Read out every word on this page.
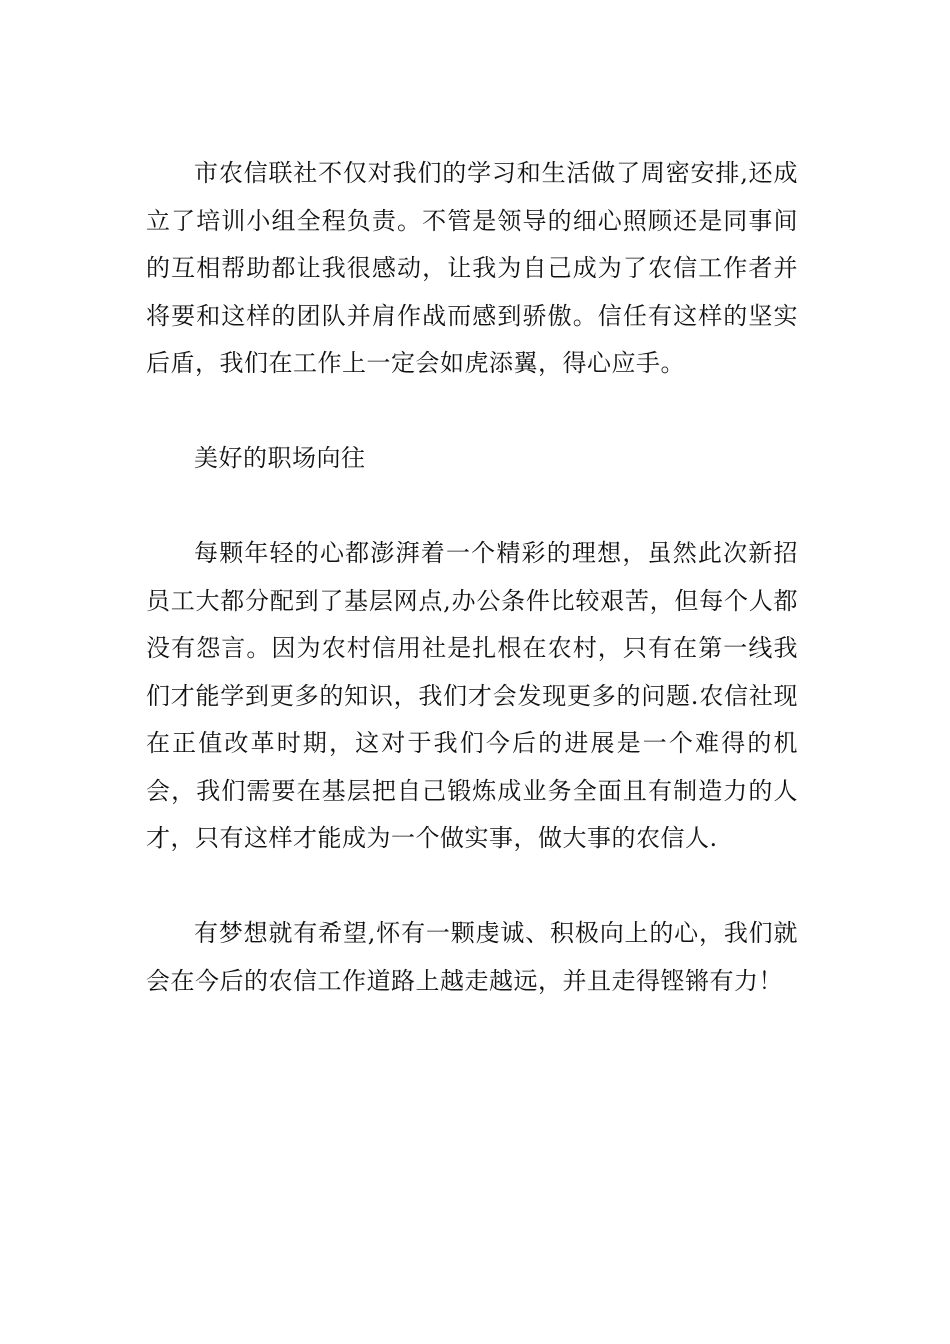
市农信联社不仅对我们的学习和生活做了周密安排,还成立了培训小组全程负责。不管是领导的细心照顾还是同事间的互相帮助都让我很感动，让我为自己成为了农信工作者并将要和这样的团队并肩作战而感到骄傲。信任有这样的坚实后盾，我们在工作上一定会如虎添翼，得心应手。

美好的职场向往

每颗年轻的心都澎湃着一个精彩的理想，虽然此次新招员工大都分配到了基层网点,办公条件比较艰苦，但每个人都没有怨言。因为农村信用社是扎根在农村，只有在第一线我们才能学到更多的知识，我们才会发现更多的问题.农信社现在正值改革时期，这对于我们今后的进展是一个难得的机会，我们需要在基层把自己锻炼成业务全面且有制造力的人才，只有这样才能成为一个做实事，做大事的农信人.

有梦想就有希望,怀有一颗虔诚、积极向上的心，我们就会在今后的农信工作道路上越走越远，并且走得铿锵有力！
